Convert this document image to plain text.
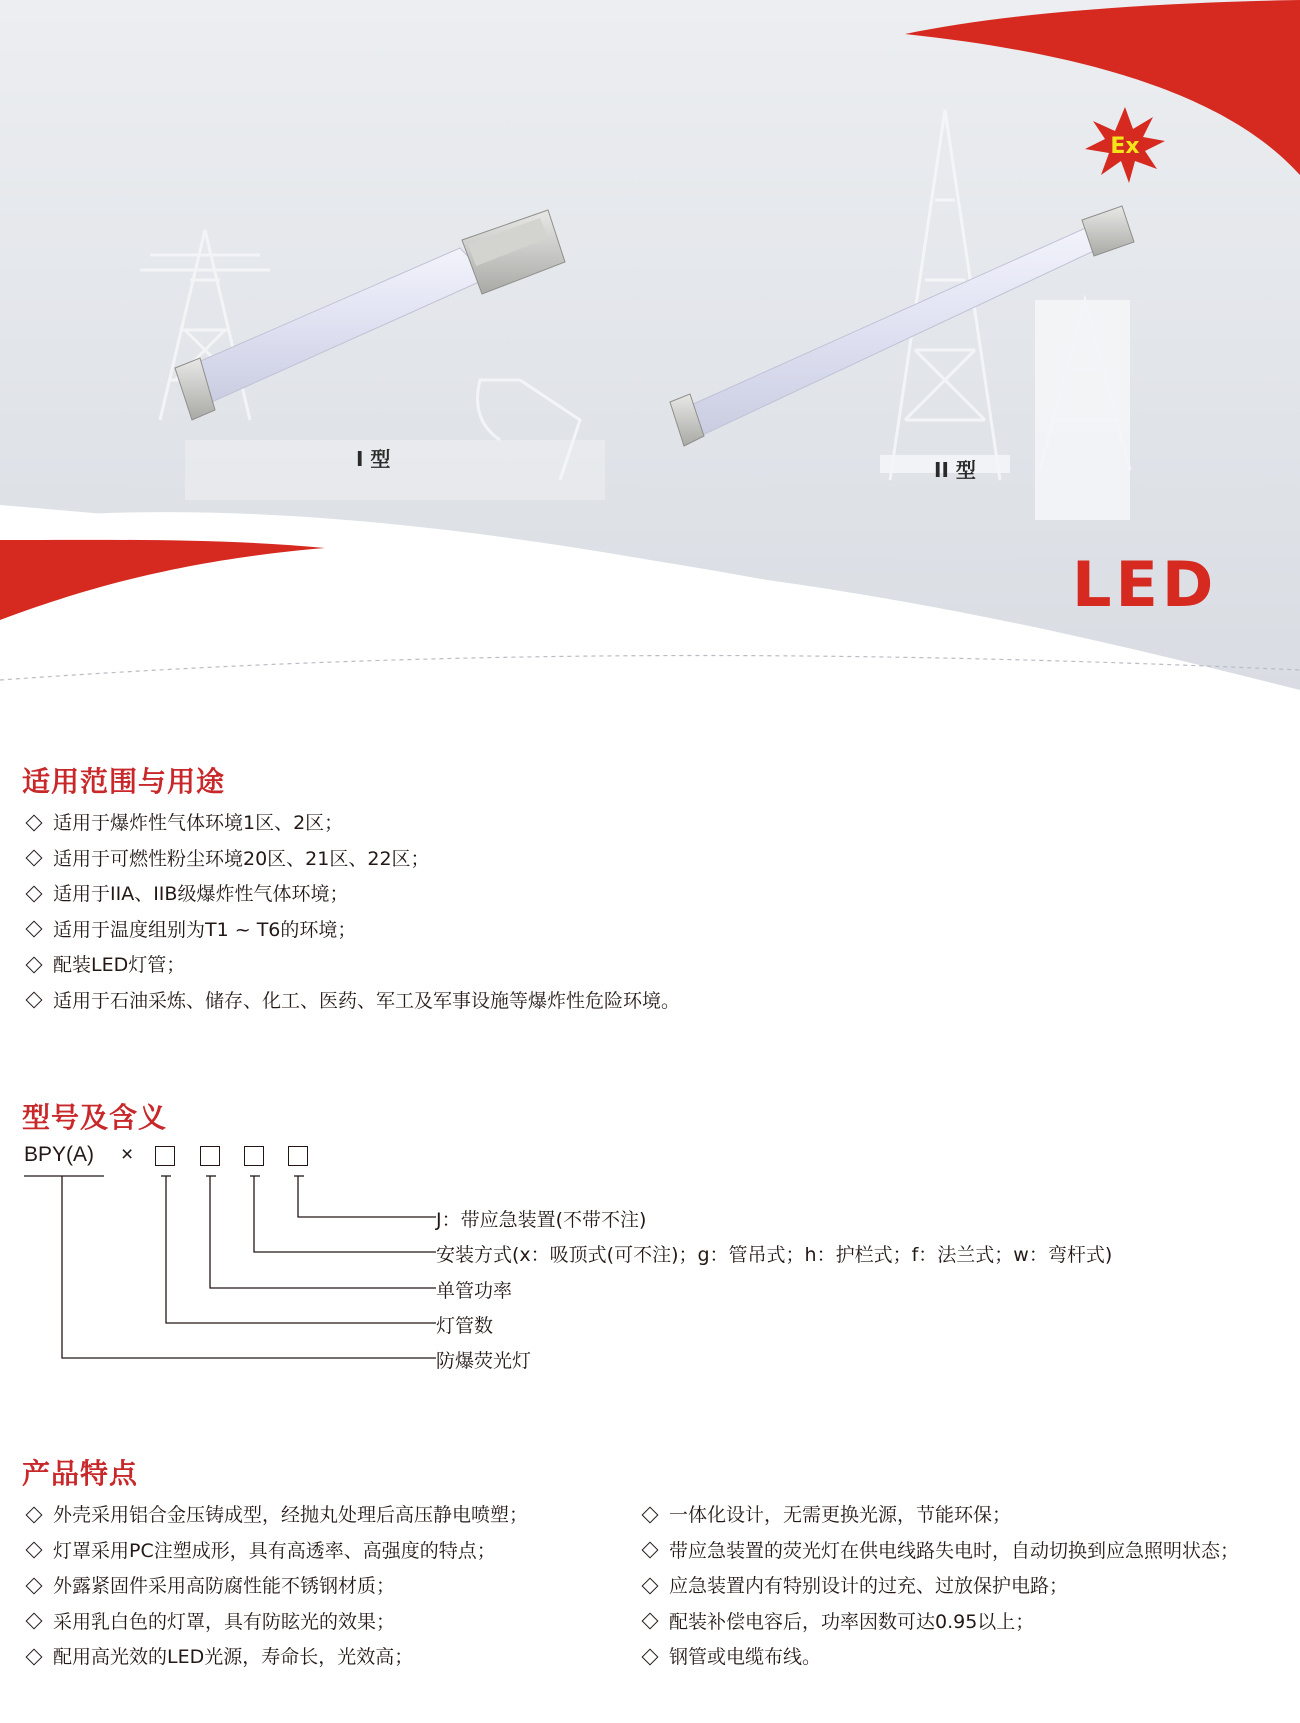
Ex
I 型	II 型
LED
适用范围与用途
适用于爆炸性气体环境1区、2区；
适用于可燃性粉尘环境20区、21区、22区；
适用于IIA、IIB级爆炸性气体环境；
适用于温度组别为T1 ~ T6的环境；
配装LED灯管；
适用于石油采炼、储存、化工、医药、军工及军事设施等爆炸性危险环境。
型号及含义
BPY(A) ×
J：带应急装置(不带不注)
安装方式(x：吸顶式(可不注)；g：管吊式；h：护栏式；f：法兰式；w：弯杆式)
单管功率
灯管数
防爆荧光灯
产品特点
外壳采用铝合金压铸成型，经抛丸处理后高压静电喷塑；
灯罩采用PC注塑成形，具有高透率、高强度的特点；
外露紧固件采用高防腐性能不锈钢材质；
采用乳白色的灯罩，具有防眩光的效果；
配用高光效的LED光源，寿命长，光效高；
一体化设计，无需更换光源，节能环保；
带应急装置的荧光灯在供电线路失电时，自动切换到应急照明状态；
应急装置内有特别设计的过充、过放保护电路；
配装补偿电容后，功率因数可达0.95以上；
钢管或电缆布线。
